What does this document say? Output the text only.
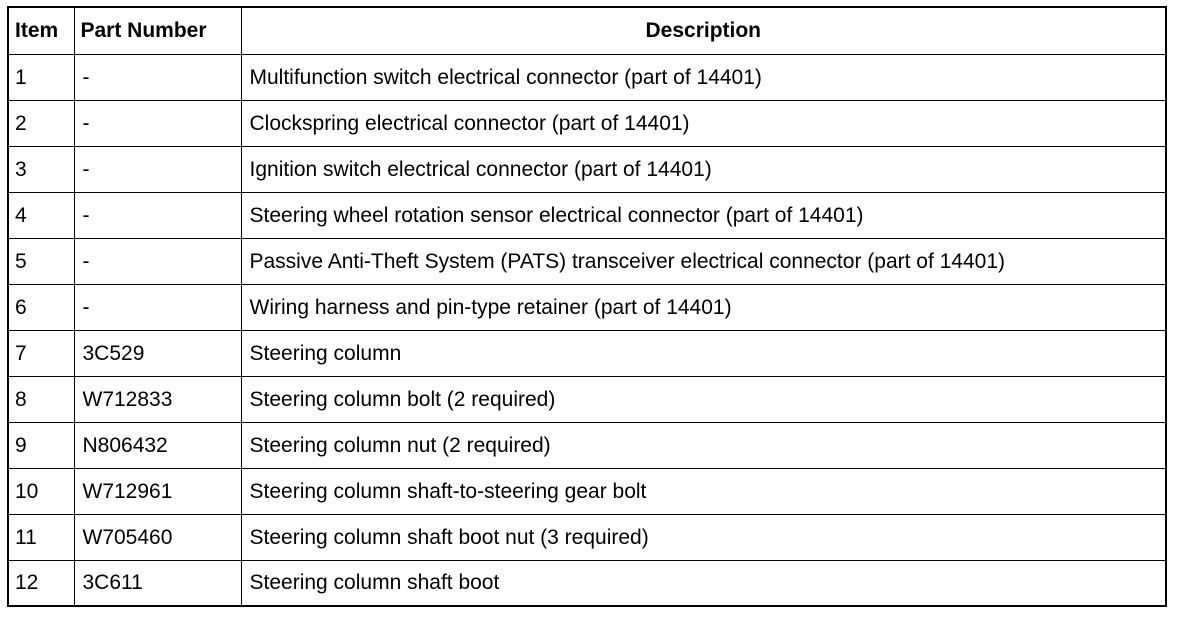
Item	Part Number	Description
1	-	Multifunction switch electrical connector (part of 14401)
2	-	Clockspring electrical connector (part of 14401)
3	-	Ignition switch electrical connector (part of 14401)
4	-	Steering wheel rotation sensor electrical connector (part of 14401)
5	-	Passive Anti-Theft System (PATS) transceiver electrical connector (part of 14401)
6	-	Wiring harness and pin-type retainer (part of 14401)
7	3C529	Steering column
8	W712833	Steering column bolt (2 required)
9	N806432	Steering column nut (2 required)
10	W712961	Steering column shaft-to-steering gear bolt
11	W705460	Steering column shaft boot nut (3 required)
12	3C611	Steering column shaft boot
